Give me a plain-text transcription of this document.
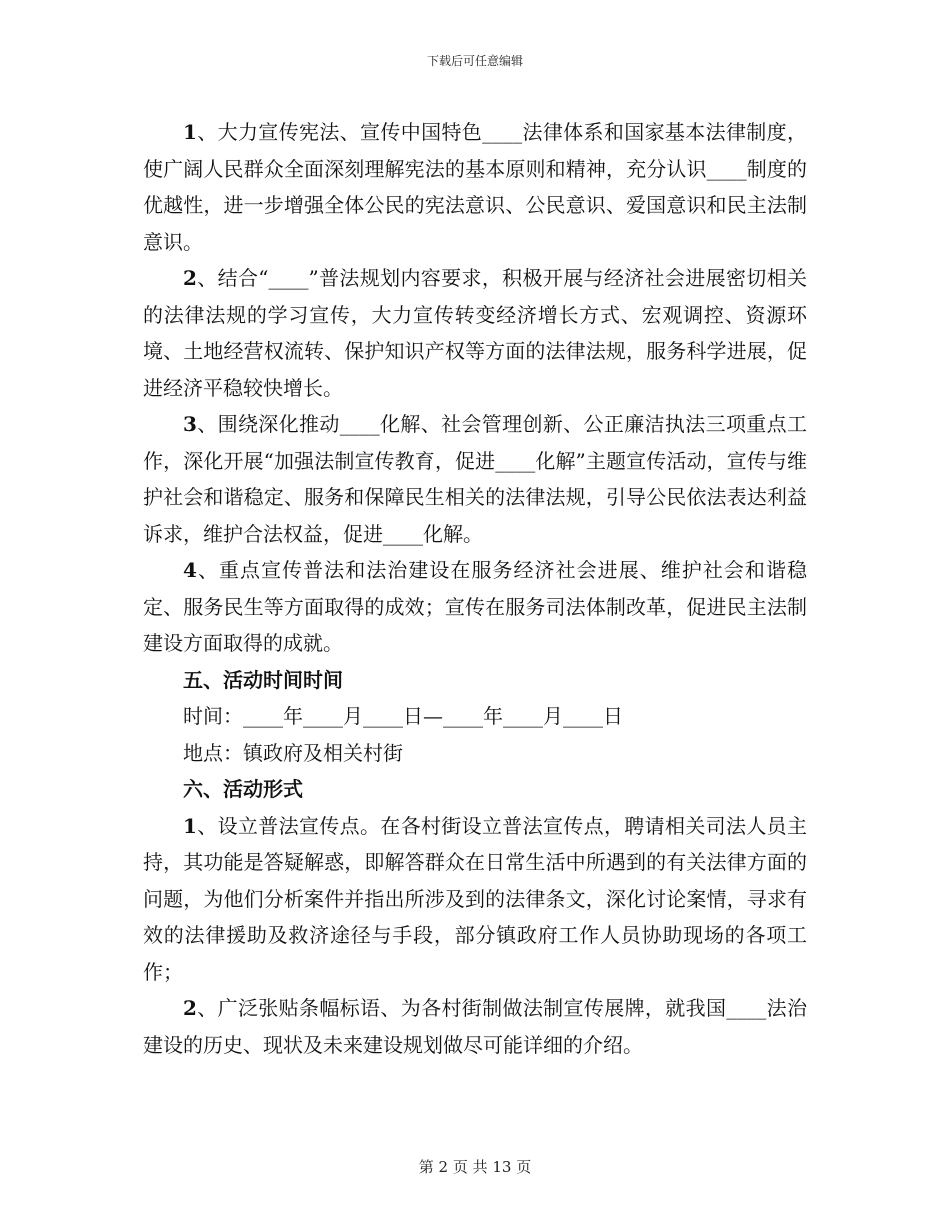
下载后可任意编辑

1、大力宣传宪法、宣传中国特色____法律体系和国家基本法律制度，使广阔人民群众全面深刻理解宪法的基本原则和精神，充分认识____制度的优越性，进一步增强全体公民的宪法意识、公民意识、爱国意识和民主法制意识。

2、结合“____”普法规划内容要求，积极开展与经济社会进展密切相关的法律法规的学习宣传，大力宣传转变经济增长方式、宏观调控、资源环境、土地经营权流转、保护知识产权等方面的法律法规，服务科学进展，促进经济平稳较快增长。

3、围绕深化推动____化解、社会管理创新、公正廉洁执法三项重点工作，深化开展“加强法制宣传教育，促进____化解”主题宣传活动，宣传与维护社会和谐稳定、服务和保障民生相关的法律法规，引导公民依法表达利益诉求，维护合法权益，促进____化解。

4、重点宣传普法和法治建设在服务经济社会进展、维护社会和谐稳定、服务民生等方面取得的成效；宣传在服务司法体制改革，促进民主法制建设方面取得的成就。

五、活动时间时间

时间：____年____月____日—____年____月____日

地点：镇政府及相关村街

六、活动形式

1、设立普法宣传点。在各村街设立普法宣传点，聘请相关司法人员主持，其功能是答疑解惑，即解答群众在日常生活中所遇到的有关法律方面的问题，为他们分析案件并指出所涉及到的法律条文，深化讨论案情，寻求有效的法律援助及救济途径与手段，部分镇政府工作人员协助现场的各项工作；

2、广泛张贴条幅标语、为各村街制做法制宣传展牌，就我国____法治建设的历史、现状及未来建设规划做尽可能详细的介绍。

第 2 页 共 13 页
